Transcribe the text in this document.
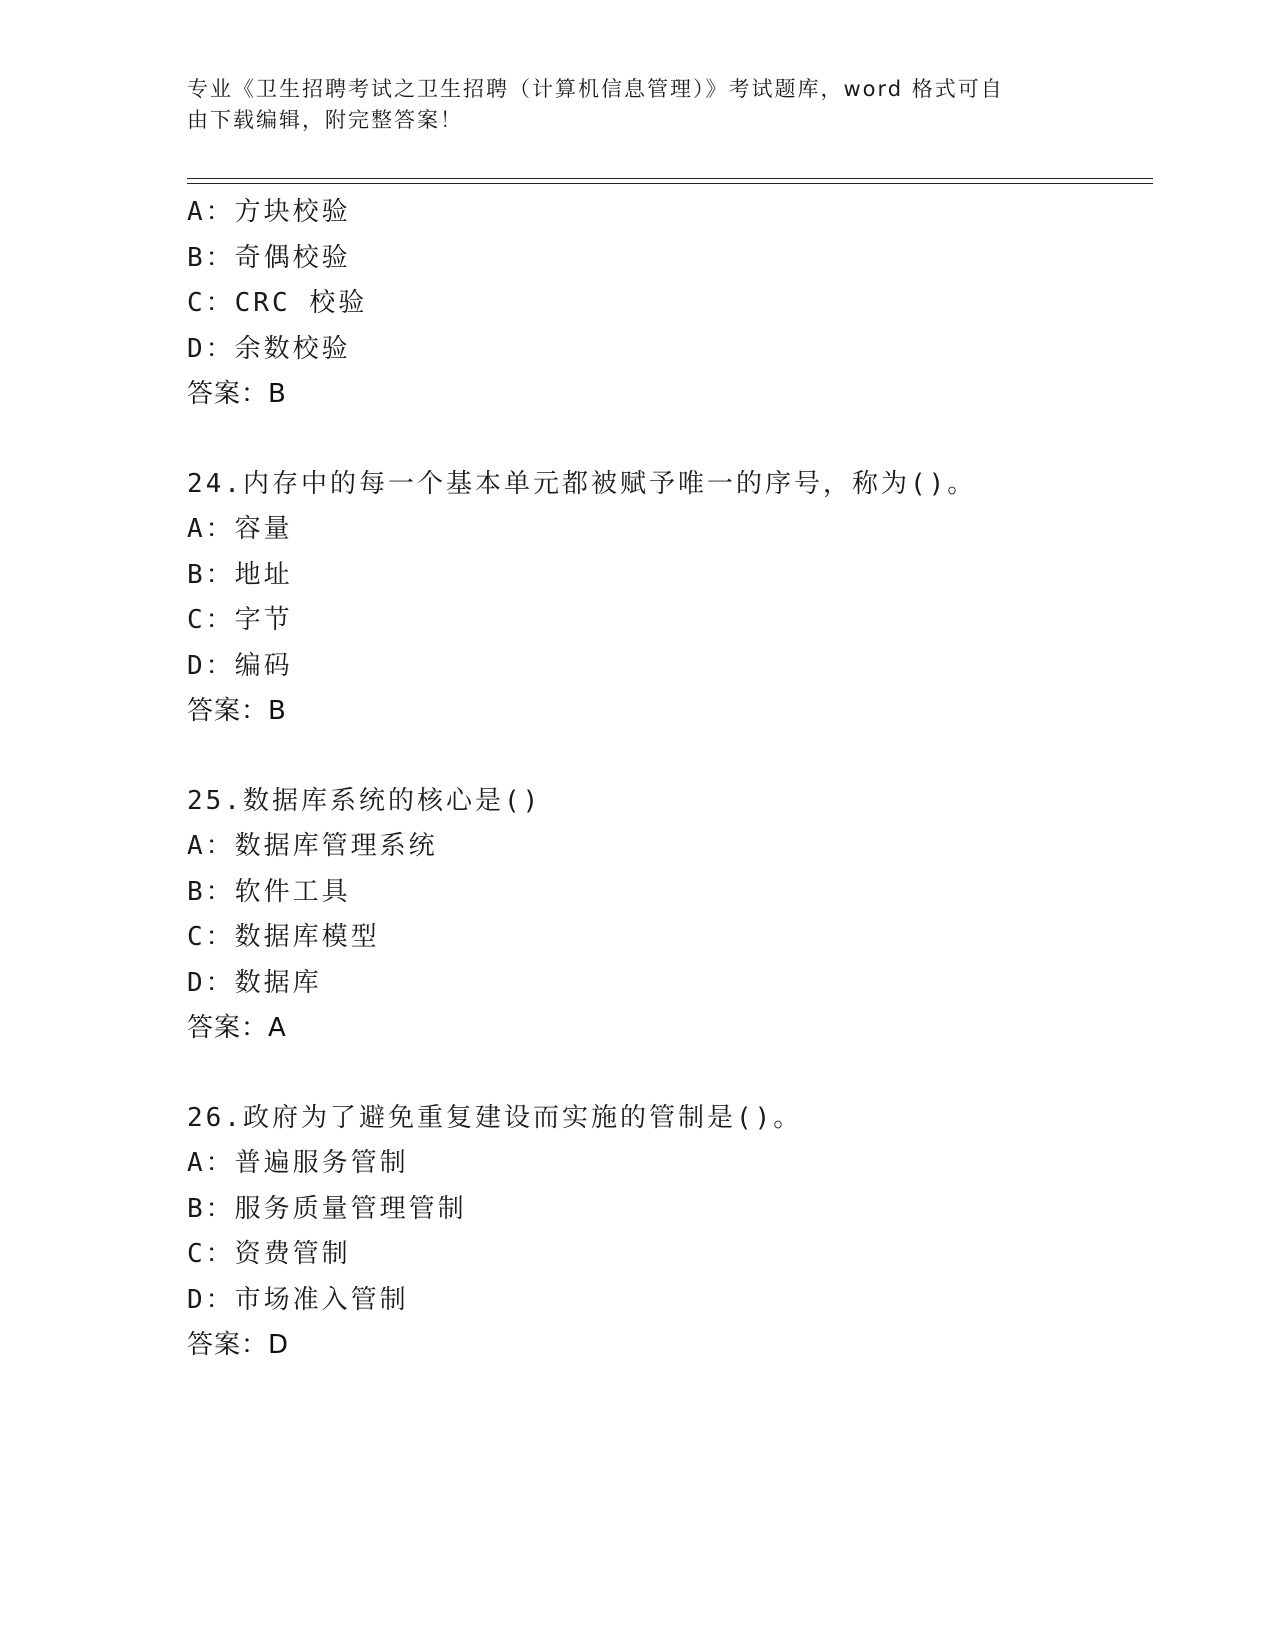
专业《卫生招聘考试之卫生招聘（计算机信息管理）》考试题库，word 格式可自
由下载编辑，附完整答案！
A：方块校验
B：奇偶校验
C：CRC 校验
D：余数校验
答案：B
24.内存中的每一个基本单元都被赋予唯一的序号，称为()。
A：容量
B：地址
C：字节
D：编码
答案：B
25.数据库系统的核心是()
A：数据库管理系统
B：软件工具
C：数据库模型
D：数据库
答案：A
26.政府为了避免重复建设而实施的管制是()。
A：普遍服务管制
B：服务质量管理管制
C：资费管制
D：市场准入管制
答案：D
